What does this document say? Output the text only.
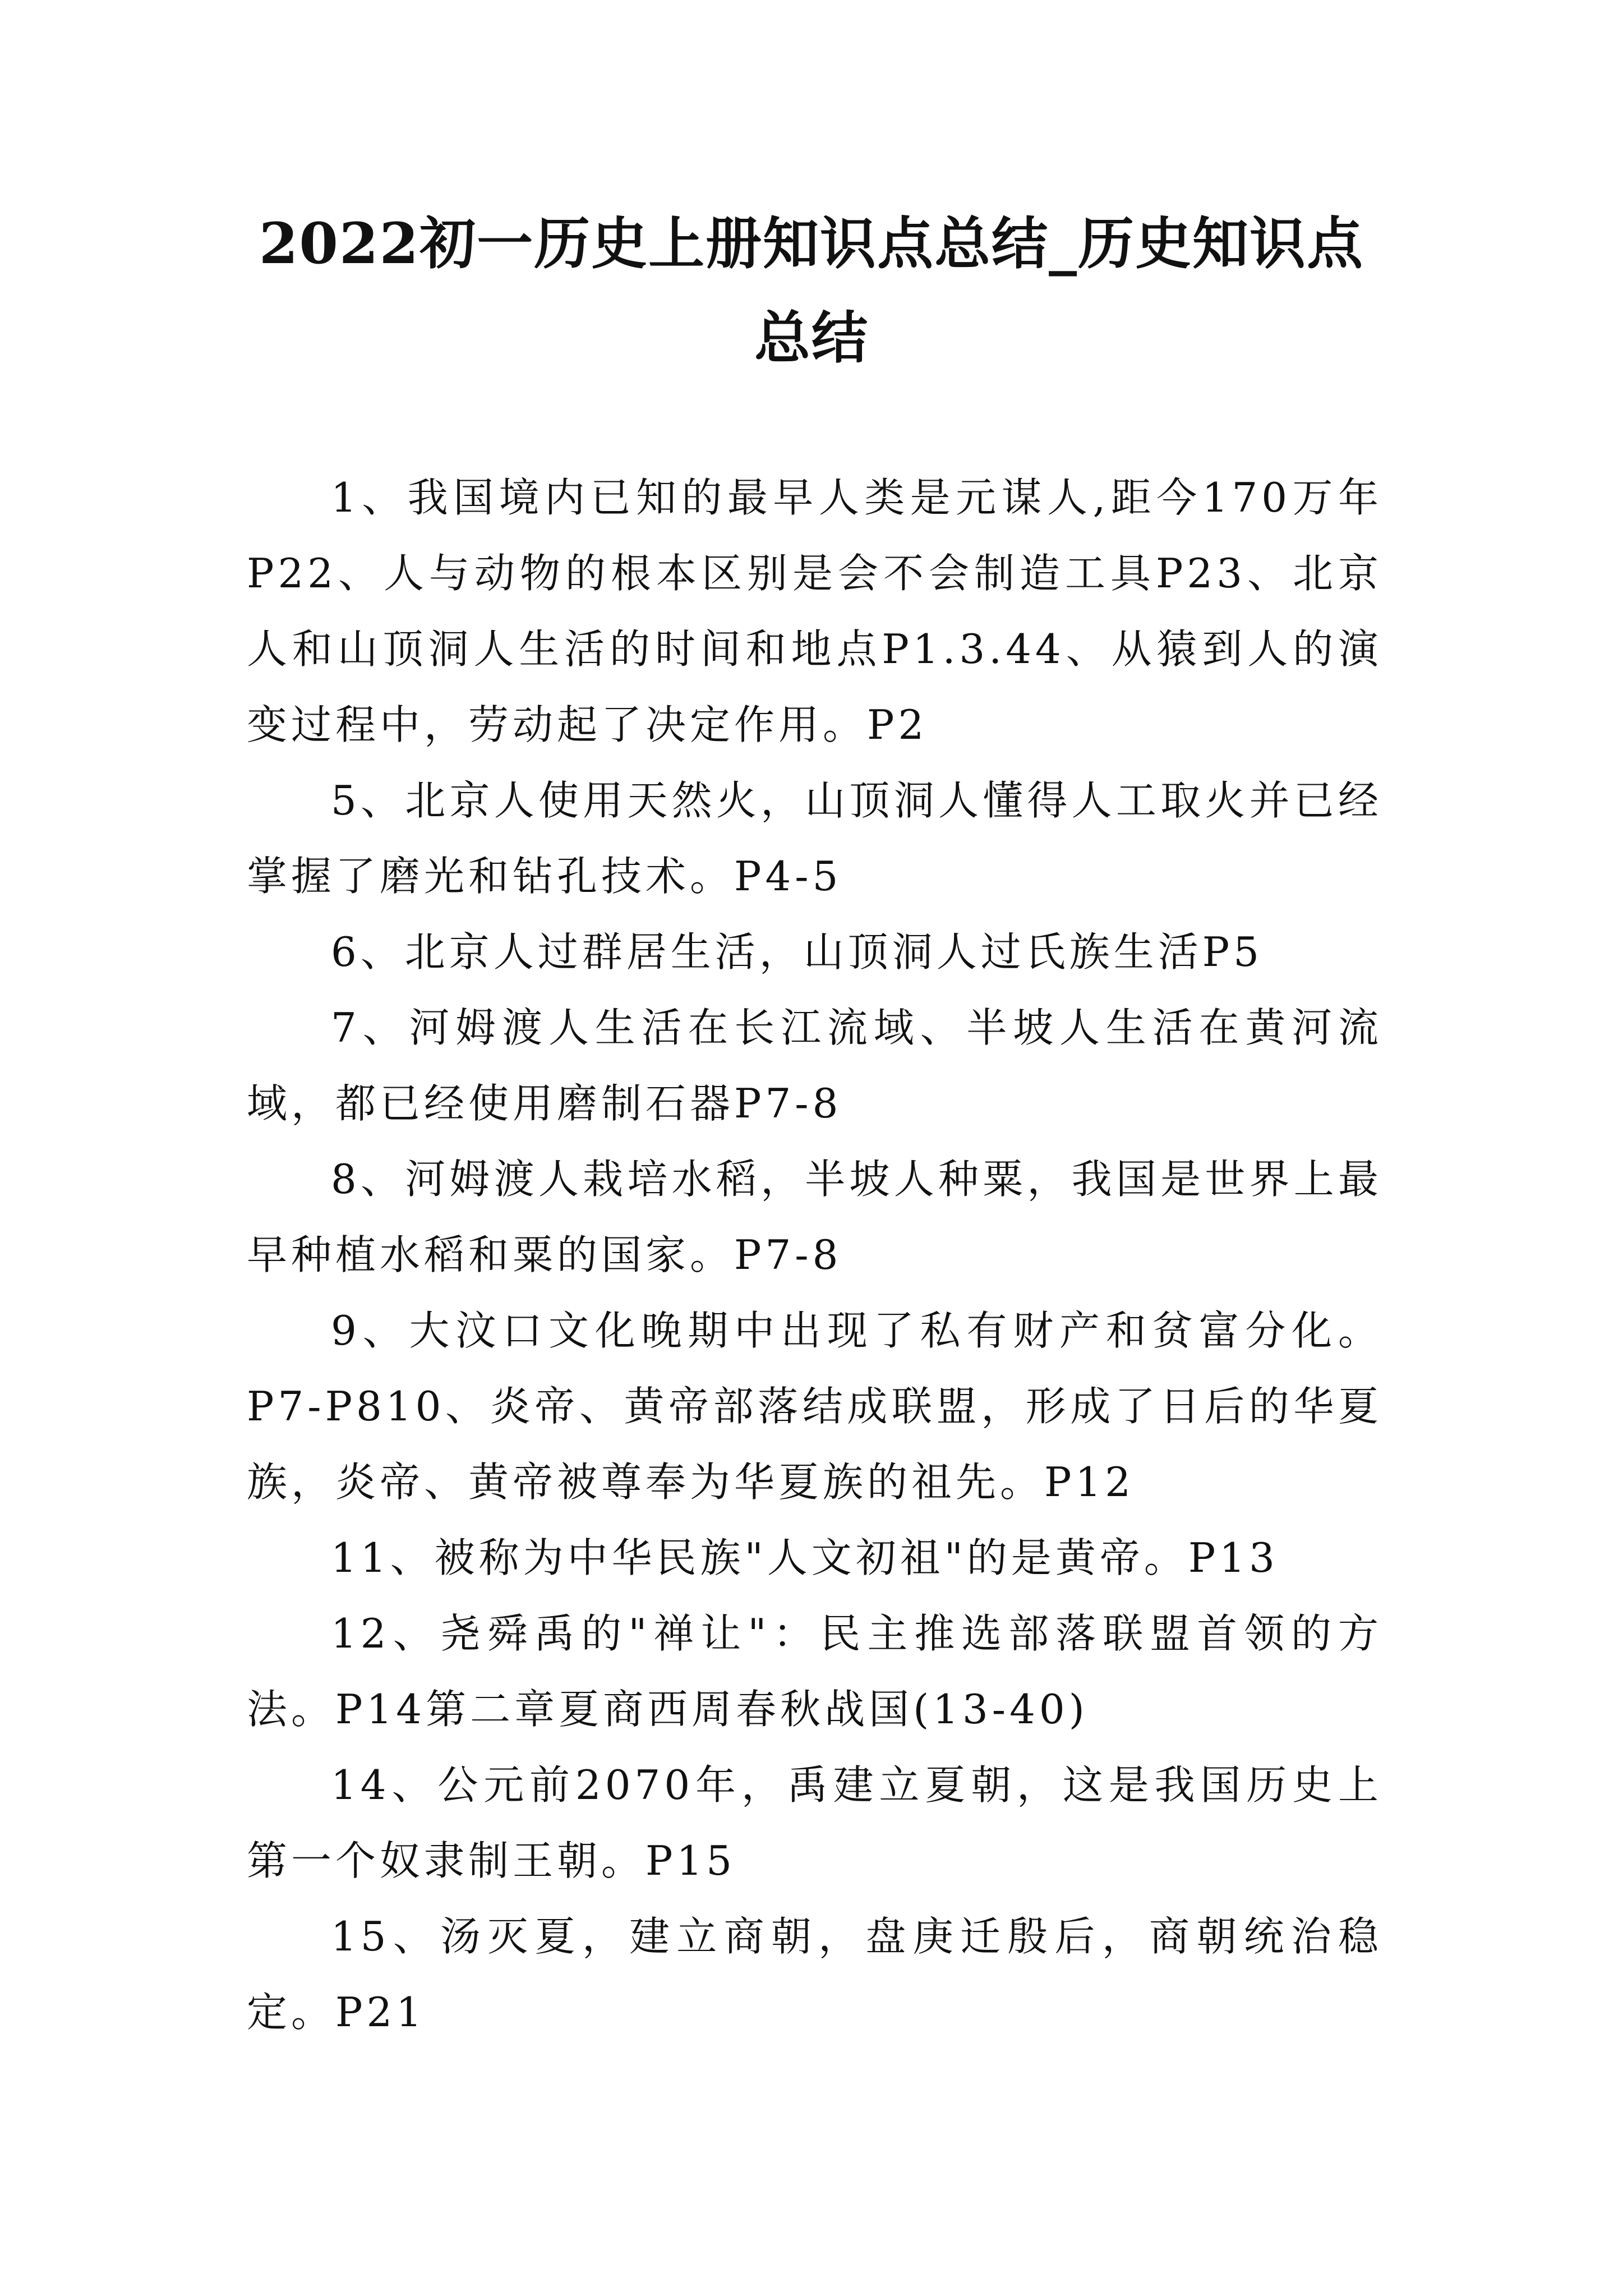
2022初一历史上册知识点总结_历史知识点总结

1、我国境内已知的最早人类是元谋人,距今170万年P22、人与动物的根本区别是会不会制造工具P23、北京人和山顶洞人生活的时间和地点P1.3.44、从猿到人的演变过程中，劳动起了决定作用。P2

5、北京人使用天然火，山顶洞人懂得人工取火并已经掌握了磨光和钻孔技术。P4-5

6、北京人过群居生活，山顶洞人过氏族生活P5

7、河姆渡人生活在长江流域、半坡人生活在黄河流域，都已经使用磨制石器P7-8

8、河姆渡人栽培水稻，半坡人种粟，我国是世界上最早种植水稻和粟的国家。P7-8

9、大汶口文化晚期中出现了私有财产和贫富分化。P7-P810、炎帝、黄帝部落结成联盟，形成了日后的华夏族，炎帝、黄帝被尊奉为华夏族的祖先。P12

11、被称为中华民族"人文初祖"的是黄帝。P13

12、尧舜禹的"禅让"：民主推选部落联盟首领的方法。P14第二章夏商西周春秋战国(13-40)

14、公元前2070年，禹建立夏朝，这是我国历史上第一个奴隶制王朝。P15

15、汤灭夏，建立商朝，盘庚迁殷后，商朝统治稳定。P21
